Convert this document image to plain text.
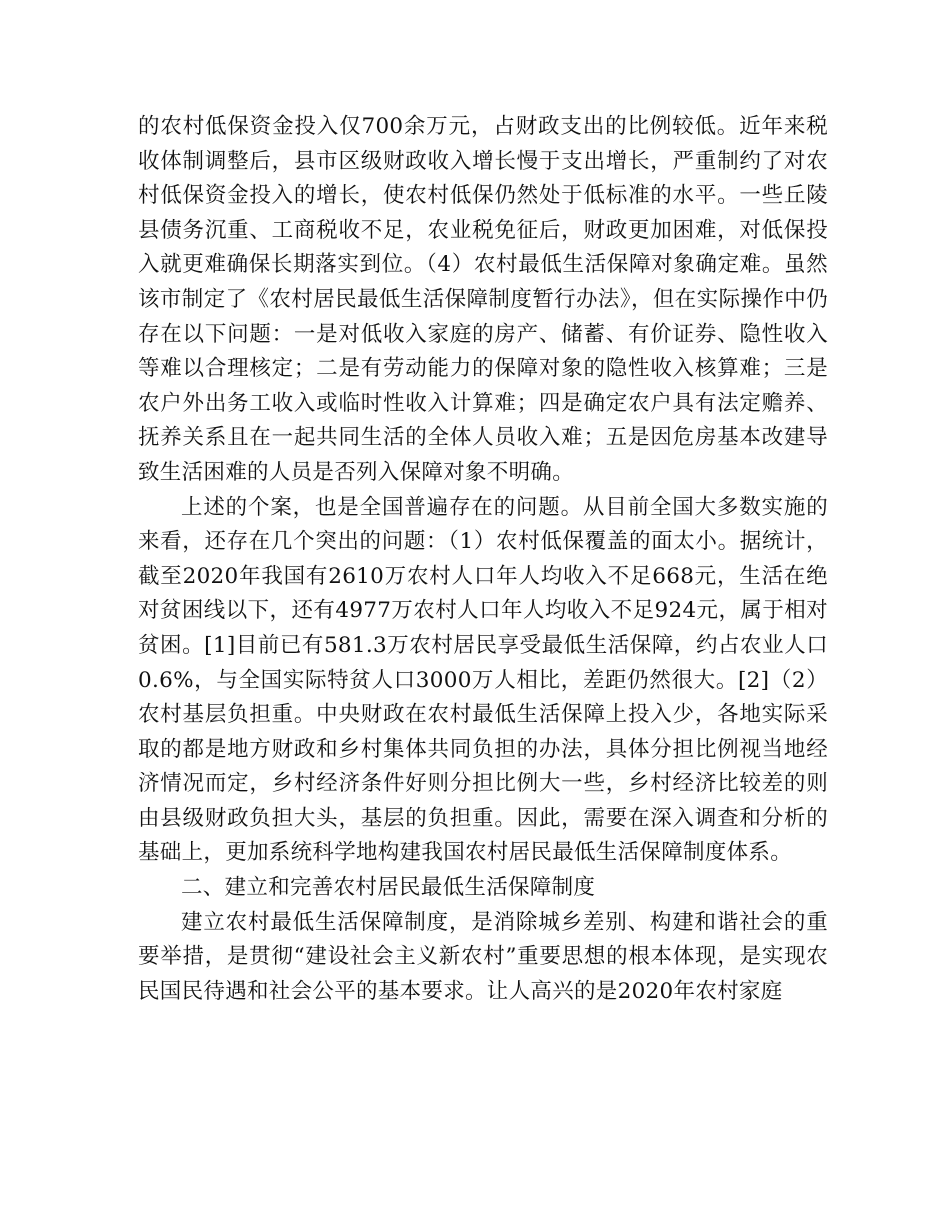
的农村低保资金投入仅700余万元，占财政支出的比例较低。近年来税收体制调整后，县市区级财政收入增长慢于支出增长，严重制约了对农村低保资金投入的增长，使农村低保仍然处于低标准的水平。一些丘陵县债务沉重、工商税收不足，农业税免征后，财政更加困难，对低保投入就更难确保长期落实到位。（4）农村最低生活保障对象确定难。虽然该市制定了《农村居民最低生活保障制度暂行办法》，但在实际操作中仍存在以下问题：一是对低收入家庭的房产、储蓄、有价证券、隐性收入等难以合理核定；二是有劳动能力的保障对象的隐性收入核算难；三是农户外出务工收入或临时性收入计算难；四是确定农户具有法定赡养、抚养关系且在一起共同生活的全体人员收入难；五是因危房基本改建导致生活困难的人员是否列入保障对象不明确。

上述的个案，也是全国普遍存在的问题。从目前全国大多数实施的来看，还存在几个突出的问题：（1）农村低保覆盖的面太小。据统计，截至2020年我国有2610万农村人口年人均收入不足668元，生活在绝对贫困线以下，还有4977万农村人口年人均收入不足924元，属于相对贫困。[1]目前已有581.3万农村居民享受最低生活保障，约占农业人口0.6%，与全国实际特贫人口3000万人相比，差距仍然很大。[2]（2）农村基层负担重。中央财政在农村最低生活保障上投入少，各地实际采取的都是地方财政和乡村集体共同负担的办法，具体分担比例视当地经济情况而定，乡村经济条件好则分担比例大一些，乡村经济比较差的则由县级财政负担大头，基层的负担重。因此，需要在深入调查和分析的基础上，更加系统科学地构建我国农村居民最低生活保障制度体系。

二、建立和完善农村居民最低生活保障制度

建立农村最低生活保障制度，是消除城乡差别、构建和谐社会的重要举措，是贯彻“建设社会主义新农村”重要思想的根本体现，是实现农民国民待遇和社会公平的基本要求。让人高兴的是2020年农村家庭
